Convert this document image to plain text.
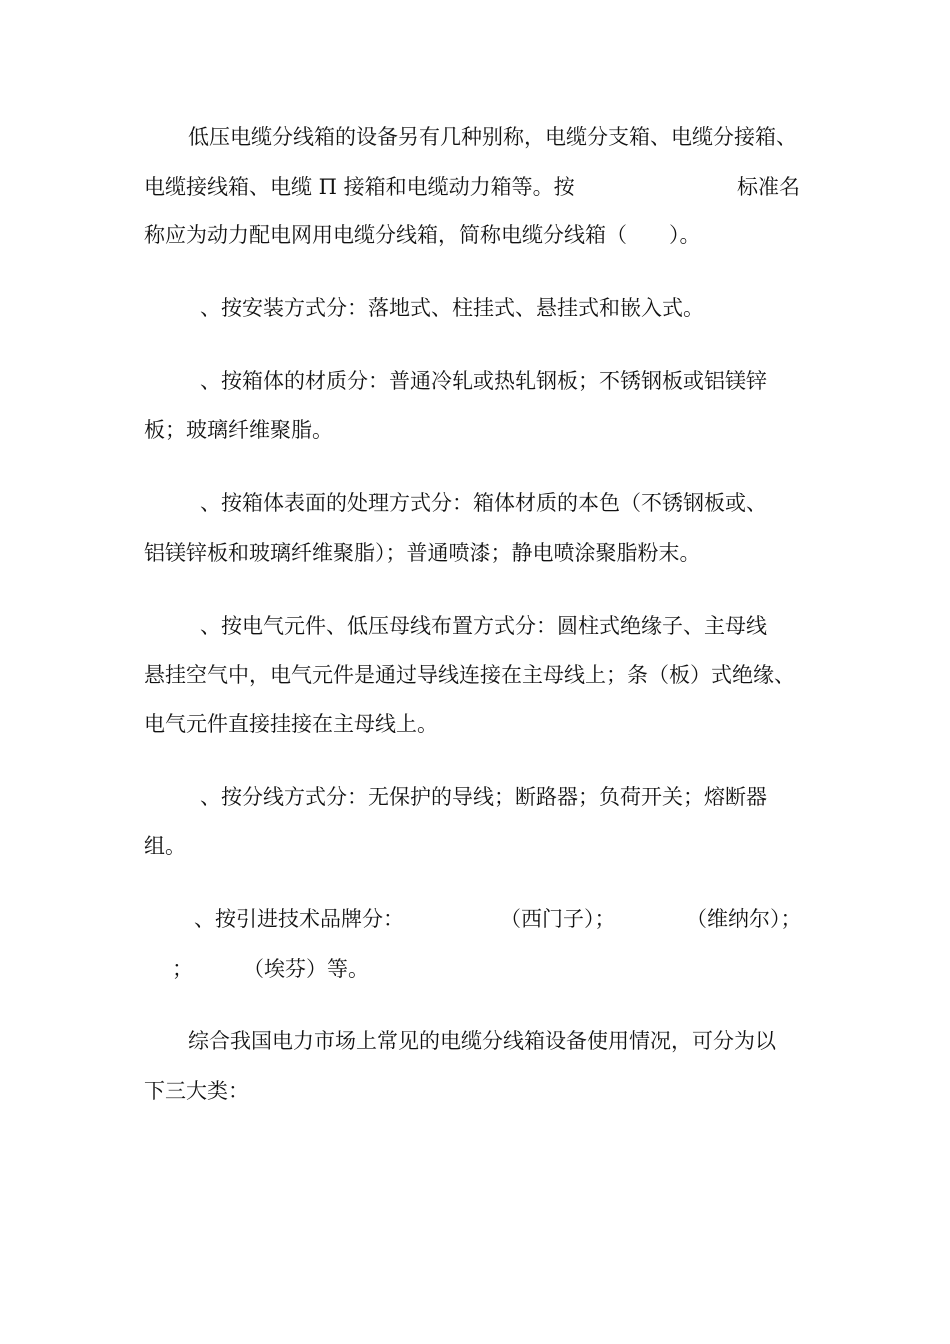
低压电缆分线箱的设备另有几种别称，电缆分支箱、电缆分接箱、

电缆接线箱、电缆 Π 接箱和电缆动力箱等。按

	标准名

称应为动力配电网用电缆分线箱，简称电缆分线箱（　　）。

、按安装方式分：落地式、柱挂式、悬挂式和嵌入式。

、按箱体的材质分：普通冷轧或热轧钢板；不锈钢板或铝镁锌

板；玻璃纤维聚脂。

、按箱体表面的处理方式分：箱体材质的本色（不锈钢板或、

铝镁锌板和玻璃纤维聚脂）；普通喷漆；静电喷涂聚脂粉末。

、按电气元件、低压母线布置方式分：圆柱式绝缘子、主母线

悬挂空气中，电气元件是通过导线连接在主母线上；条（板）式绝缘、

电气元件直接挂接在主母线上。

、按分线方式分：无保护的导线；断路器；负荷开关；熔断器

组。

、按引进技术品牌分：

	（西门子）；

	（维纳尔）；

；

（埃芬）等。

综合我国电力市场上常见的电缆分线箱设备使用情况，可分为以

下三大类：
